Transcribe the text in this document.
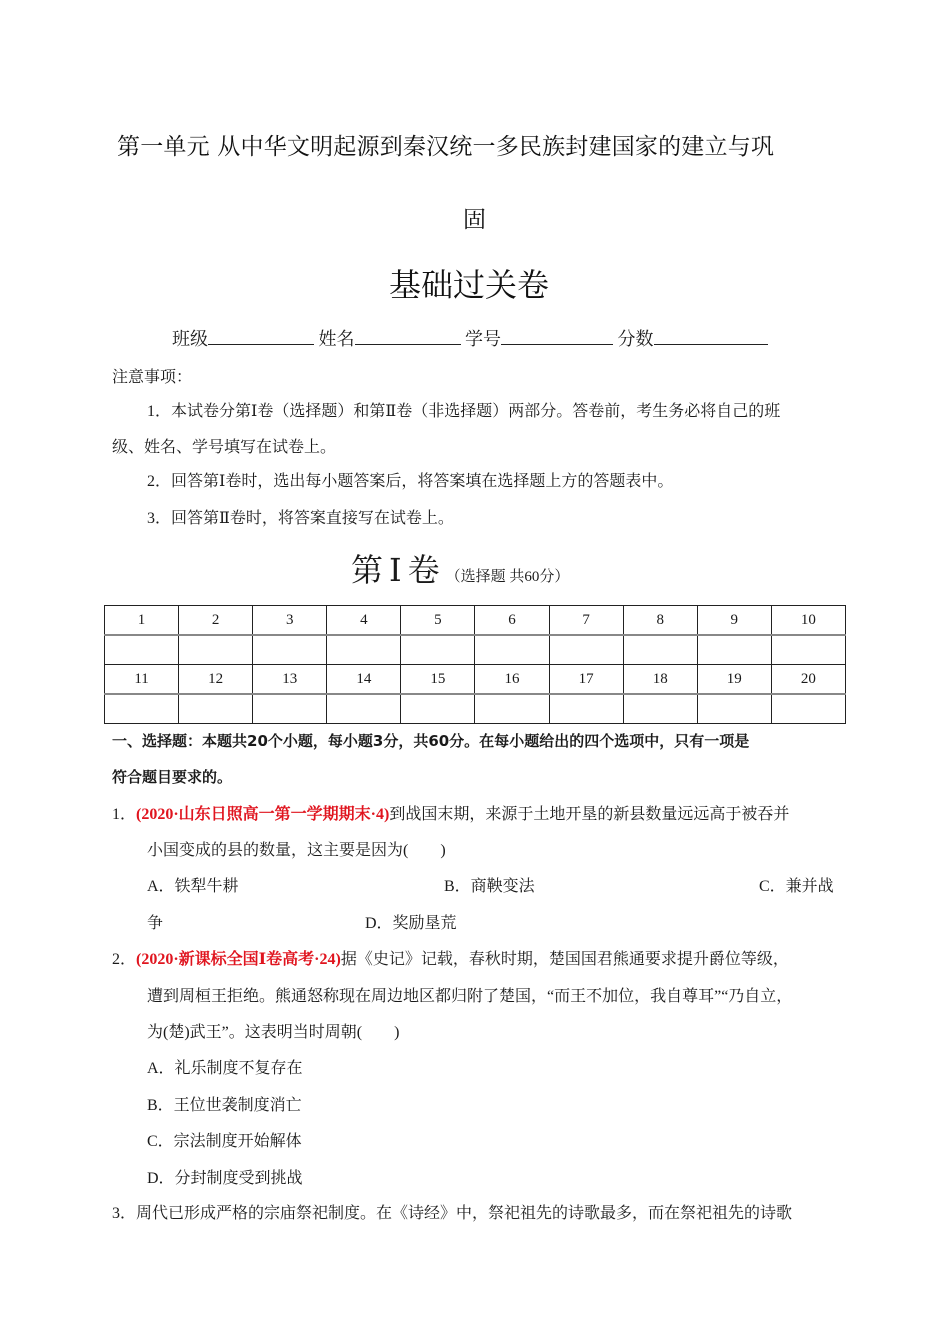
第一单元 从中华文明起源到秦汉统一多民族封建国家的建立与巩
固
基础过关卷
班级	姓名	学号	分数
注意事项：
1．本试卷分第Ⅰ卷（选择题）和第Ⅱ卷（非选择题）两部分。答卷前，考生务必将自己的班
级、姓名、学号填写在试卷上。
2．回答第Ⅰ卷时，选出每小题答案后，将答案填在选择题上方的答题表中。
3．回答第Ⅱ卷时，将答案直接写在试卷上。
第Ⅰ卷（选择题 共60分）
1	2	3	4	5	6	7	8	9	10

11	12	13	14	15	16	17	18	19	20

一、选择题：本题共20个小题，每小题3分，共60分。在每小题给出的四个选项中，只有一项是
符合题目要求的。
1．(2020·山东日照高一第一学期期末·4)到战国末期，来源于土地开垦的新县数量远远高于被吞并
小国变成的县的数量，这主要是因为(　　)
A．铁犁牛耕	B．商鞅变法	C．兼并战
争	D．奖励垦荒
2．(2020·新课标全国Ⅰ卷高考·24)据《史记》记载，春秋时期，楚国国君熊通要求提升爵位等级，
遭到周桓王拒绝。熊通怒称现在周边地区都归附了楚国，“而王不加位，我自尊耳”“乃自立，
为(楚)武王”。这表明当时周朝(　　)
A．礼乐制度不复存在
B．王位世袭制度消亡
C．宗法制度开始解体
D．分封制度受到挑战
3．周代已形成严格的宗庙祭祀制度。在《诗经》中，祭祀祖先的诗歌最多，而在祭祀祖先的诗歌
